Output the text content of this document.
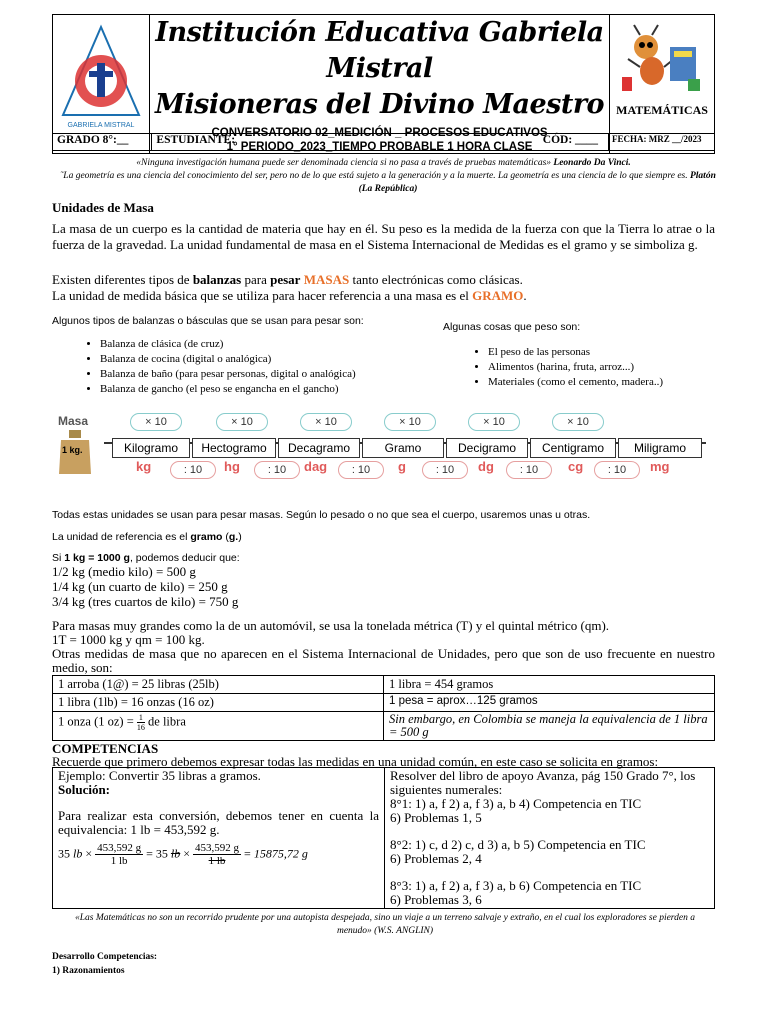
GABRIELA MISTRAL

Institución Educativa Gabriela Mistral
Misioneras del Divino Maestro
CONVERSATORIO 02_MEDICIÓN _ PROCESOS EDUCATIVOS
1° PERIODO_2023_TIEMPO PROBABLE 1 HORA CLASE

MATEMÁTICAS
GRADO 8°:__	ESTUDIANTE:	CÓD: ____	FECHA: MRZ __/2023
«Ninguna investigación humana puede ser denominada ciencia si no pasa a través de pruebas matemáticas» Leonardo Da Vinci.
˜La geometría es una ciencia del conocimiento del ser, pero no de lo que está sujeto a la generación y a la muerte. La geometría es una ciencia de lo que siempre es. Platón (La República)
Unidades de Masa
La masa de un cuerpo es la cantidad de materia que hay en él. Su peso es la medida de la fuerza con que la Tierra lo atrae o la fuerza de la gravedad. La unidad fundamental de masa en el Sistema Internacional de Medidas es el gramo y se simboliza g.
Existen diferentes tipos de balanzas para pesar MASAS tanto electrónicas como clásicas.
La unidad de medida básica que se utiliza para hacer referencia a una masa es el GRAMO.
Algunos tipos de balanzas o básculas que se usan para pesar son:
• Balanza de clásica (de cruz)
• Balanza de cocina (digital o analógica)
• Balanza de baño (para pesar personas, digital o analógica)
• Balanza de gancho (el peso se engancha en el gancho)
Algunas cosas que peso son:
• El peso de las personas
• Alimentos (harina, fruta, arroz...)
• Materiales (como el cemento, madera..)
Masa
1 kg.
× 10	× 10	× 10	× 10	× 10	× 10
Kilogramo	Hectogramo	Decagramo	Gramo	Decigramo	Centigramo	Miligramo
kg	hg	dag	g	dg	cg	mg
: 10	: 10	: 10	: 10	: 10	: 10
Todas estas unidades se usan para pesar masas. Según lo pesado o no que sea el cuerpo, usaremos unas u otras.
La unidad de referencia es el gramo (g.)
Si 1 kg = 1000 g, podemos deducir que:
1/2 kg (medio kilo) = 500 g
1/4 kg (un cuarto de kilo) = 250 g
3/4 kg (tres cuartos de kilo) = 750 g
Para masas muy grandes como la de un automóvil, se usa la tonelada métrica (T) y el quintal métrico (qm).
1T = 1000 kg y qm = 100 kg.
Otras medidas de masa que no aparecen en el Sistema Internacional de Unidades, pero que son de uso frecuente en nuestro medio, son:
1 arroba (1@) = 25 libras (25lb)	1 libra = 454 gramos
1 libra (1lb) = 16 onzas (16 oz)	1 pesa = aprox…125 gramos
1 onza (1 $oz) = \frac{1}{16}$ de libra	Sin embargo, en Colombia se maneja la equivalencia de 1 libra = 500 g
COMPETENCIAS
Recuerde que primero debemos expresar todas las medidas en una unidad común, en este caso se solicita en gramos:
Ejemplo: Convertir 35 libras a gramos.
Solución:
Para realizar esta conversión, debemos tener en cuenta la equivalencia: 1 lb = 453,592 g.
35 lb × $\frac{453,592 g}{1 lb} = 35$ lb × $\frac{453,592 g}{1 lb} = 15875,72$ g

Resolver del libro de apoyo Avanza, pág 150 Grado 7°, los siguientes numerales:
8°1: 1) a, f 2) a, f 3) a, b 4) Competencia en TIC
6) Problemas 1, 5
8°2: 1) c, d 2) c, d 3) a, b 5) Competencia en TIC
6) Problemas 2, 4
8°3: 1) a, f 2) a, f 3) a, b 6) Competencia en TIC
6) Problemas 3, 6
«Las Matemáticas no son un recorrido prudente por una autopista despejada, sino un viaje a un terreno salvaje y extraño, en el cual los exploradores se pierden a menudo» (W.S. ANGLIN)
Desarrollo Competencias:
1) Razonamientos
